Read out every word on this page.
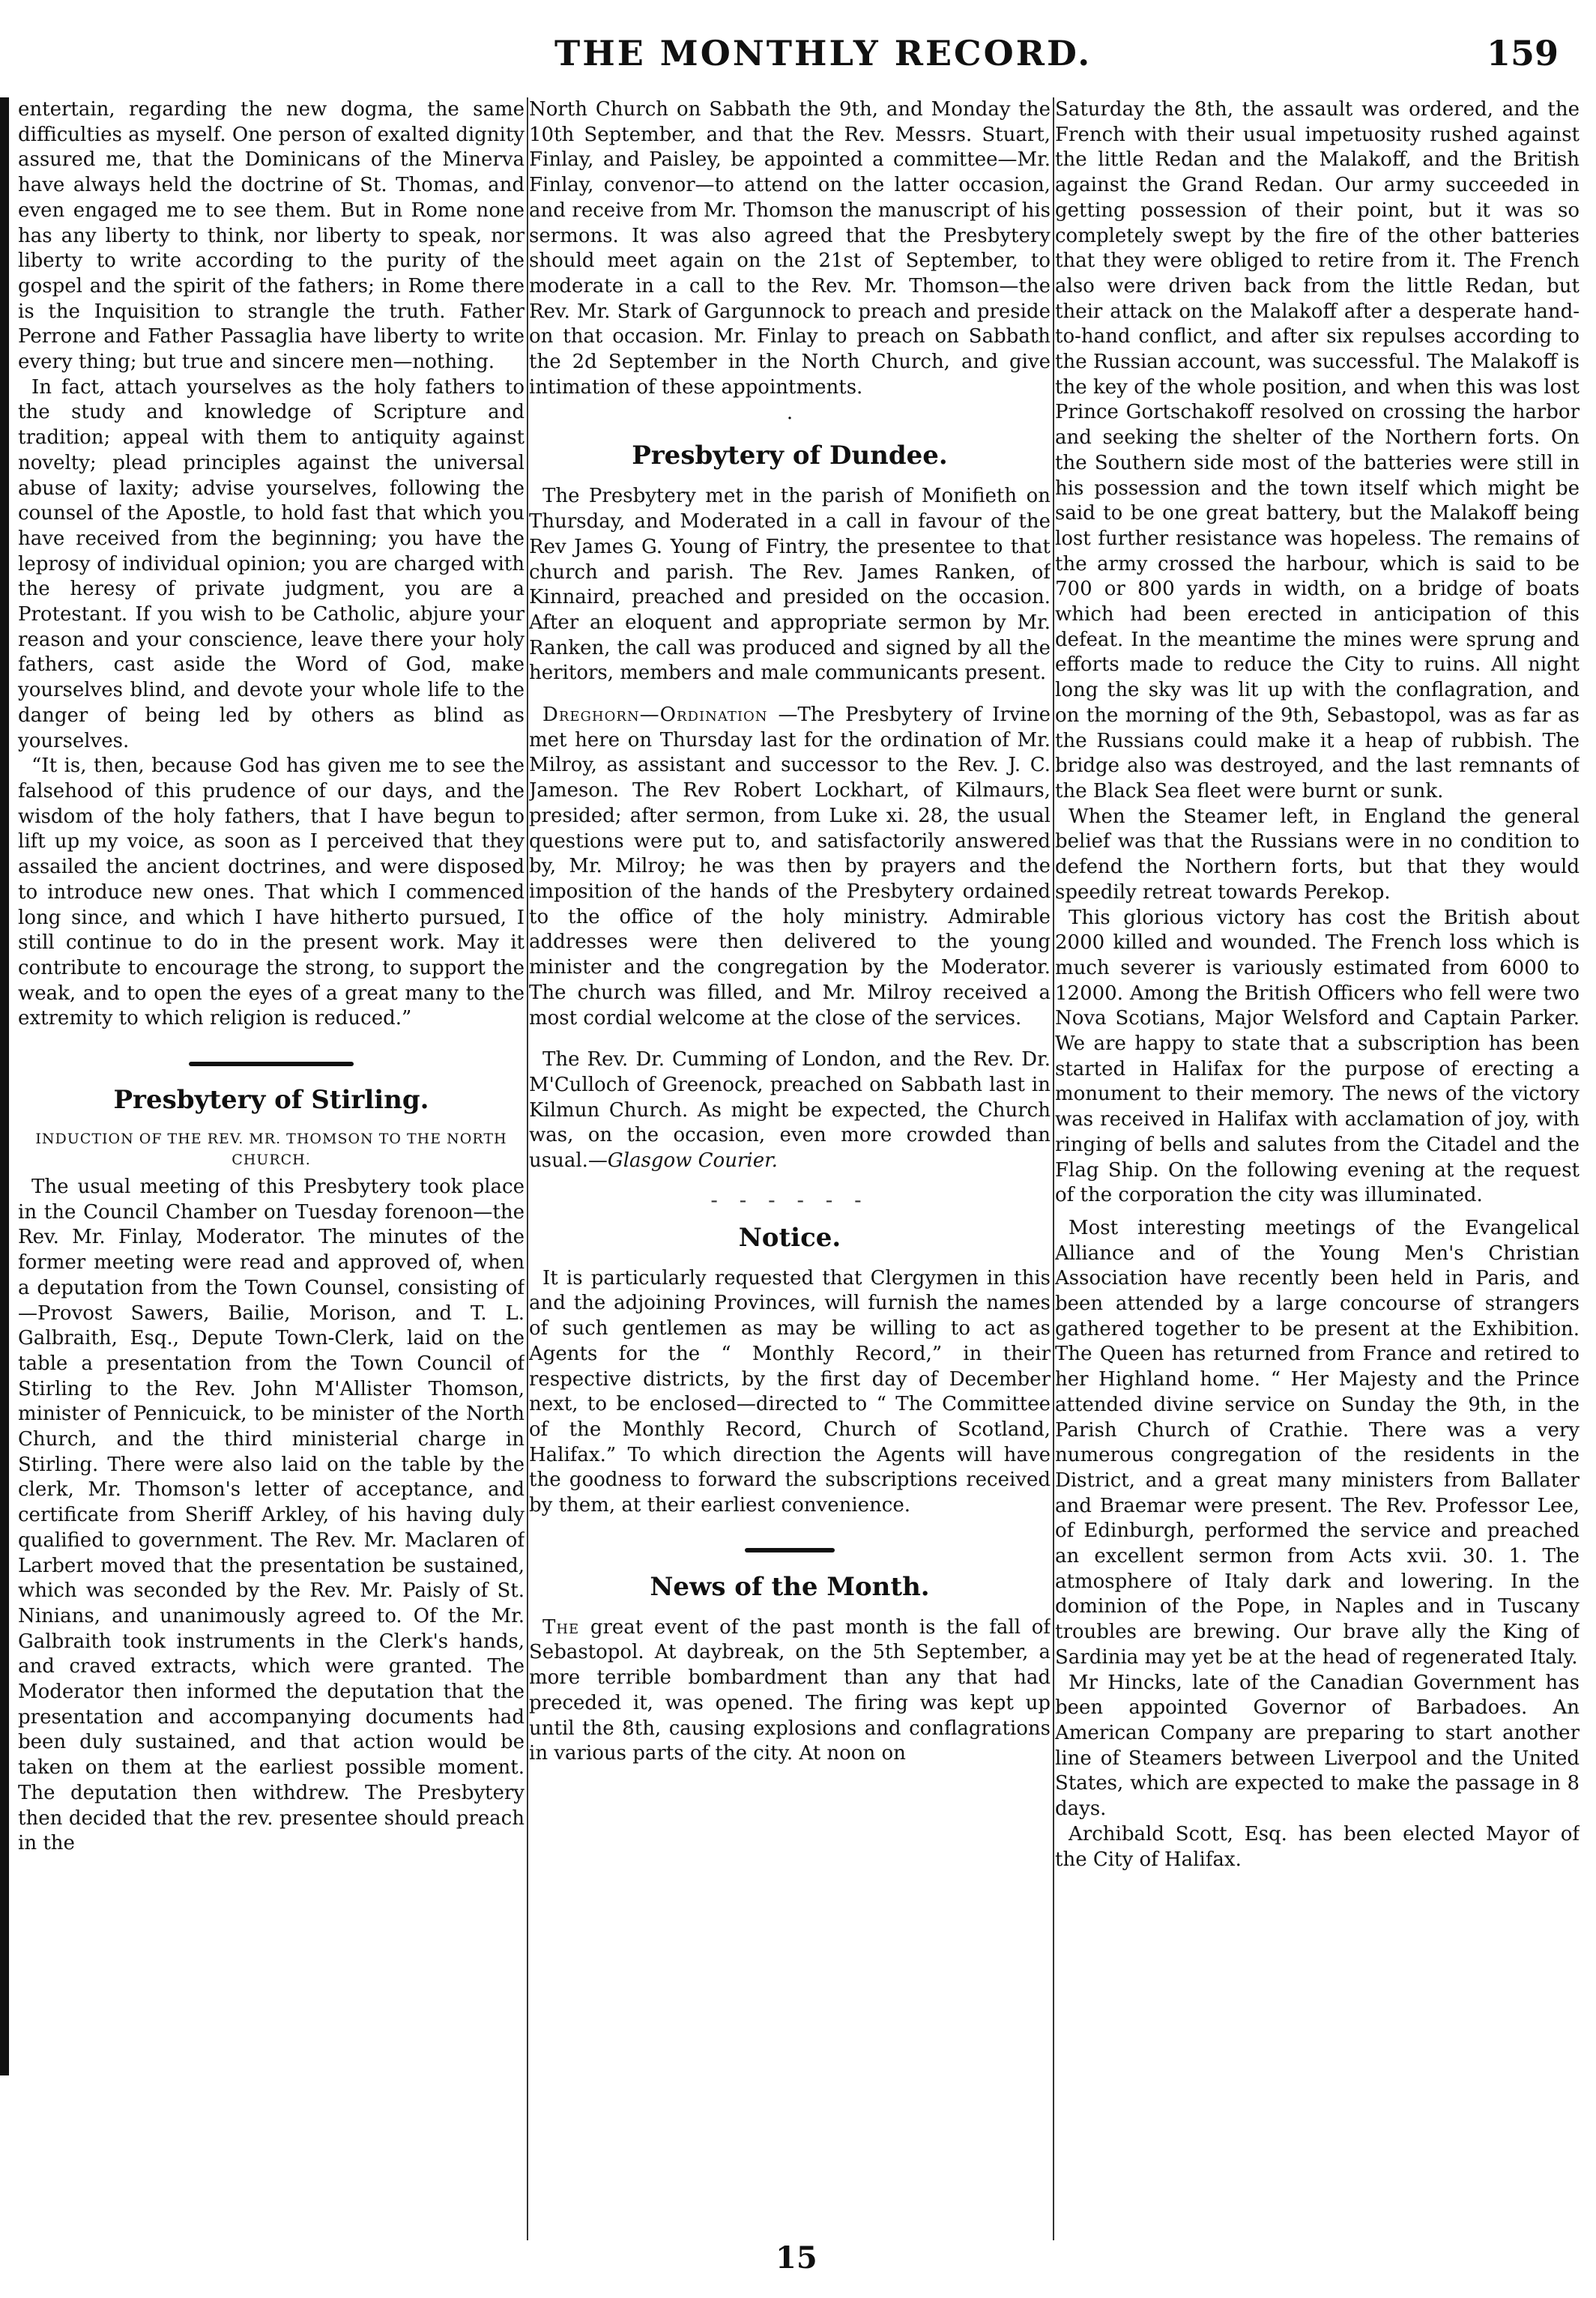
THE MONTHLY RECORD.	159

entertain, regarding the new dogma, the same difficulties as myself. One person of exalted dignity assured me, that the Dominicans of the Minerva have always held the doctrine of St. Thomas, and even engaged me to see them. But in Rome none has any liberty to think, nor liberty to speak, nor liberty to write according to the purity of the gospel and the spirit of the fathers; in Rome there is the Inquisition to strangle the truth. Father Perrone and Father Passaglia have liberty to write every thing; but true and sincere men—nothing.

In fact, attach yourselves as the holy fathers to the study and knowledge of Scripture and tradition; appeal with them to antiquity against novelty; plead principles against the universal abuse of laxity; advise yourselves, following the counsel of the Apostle, to hold fast that which you have received from the beginning; you have the leprosy of individual opinion; you are charged with the heresy of private judgment, you are a Protestant. If you wish to be Catholic, abjure your reason and your conscience, leave there your holy fathers, cast aside the Word of God, make yourselves blind, and devote your whole life to the danger of being led by others as blind as yourselves.

“It is, then, because God has given me to see the falsehood of this prudence of our days, and the wisdom of the holy fathers, that I have begun to lift up my voice, as soon as I perceived that they assailed the ancient doctrines, and were disposed to introduce new ones. That which I commenced long since, and which I have hitherto pursued, I still continue to do in the present work. May it contribute to encourage the strong, to support the weak, and to open the eyes of a great many to the extremity to which religion is reduced.”

Presbytery of Stirling.
INDUCTION OF THE REV. MR. THOMSON TO THE NORTH CHURCH.

The usual meeting of this Presbytery took place in the Council Chamber on Tuesday forenoon—the Rev. Mr. Finlay, Moderator. The minutes of the former meeting were read and approved of, when a deputation from the Town Counsel, consisting of—Provost Sawers, Bailie, Morison, and T. L. Galbraith, Esq., Depute Town-Clerk, laid on the table a presentation from the Town Council of Stirling to the Rev. John M'Allister Thomson, minister of Pennicuick, to be minister of the North Church, and the third ministerial charge in Stirling. There were also laid on the table by the clerk, Mr. Thomson's letter of acceptance, and certificate from Sheriff Arkley, of his having duly qualified to government. The Rev. Mr. Maclaren of Larbert moved that the presentation be sustained, which was seconded by the Rev. Mr. Paisly of St. Ninians, and unanimously agreed to. Of the Mr. Galbraith took instruments in the Clerk's hands, and craved extracts, which were granted. The Moderator then informed the deputation that the presentation and accompanying documents had been duly sustained, and that action would be taken on them at the earliest possible moment. The deputation then withdrew. The Presbytery then decided that the rev. presentee should preach in the

North Church on Sabbath the 9th, and Monday the 10th September, and that the Rev. Messrs. Stuart, Finlay, and Paisley, be appointed a committee—Mr. Finlay, convenor—to attend on the latter occasion, and receive from Mr. Thomson the manuscript of his sermons. It was also agreed that the Presbytery should meet again on the 21st of September, to moderate in a call to the Rev. Mr. Thomson—the Rev. Mr. Stark of Gargunnock to preach and preside on that occasion. Mr. Finlay to preach on Sabbath the 2d September in the North Church, and give intimation of these appointments.

·
Presbytery of Dundee.

The Presbytery met in the parish of Monifieth on Thursday, and Moderated in a call in favour of the Rev James G. Young of Fintry, the presentee to that church and parish. The Rev. James Ranken, of Kinnaird, preached and presided on the occasion. After an eloquent and appropriate sermon by Mr. Ranken, the call was produced and signed by all the heritors, members and male communicants present.

Dreghorn—Ordination —The Presbytery of Irvine met here on Thursday last for the ordination of Mr. Milroy, as assistant and successor to the Rev. J. C. Jameson. The Rev Robert Lockhart, of Kilmaurs, presided; after sermon, from Luke xi. 28, the usual questions were put to, and satisfactorily answered by, Mr. Milroy; he was then by prayers and the imposition of the hands of the Presbytery ordained to the office of the holy ministry. Admirable addresses were then delivered to the young minister and the congregation by the Moderator. The church was filled, and Mr. Milroy received a most cordial welcome at the close of the services.

The Rev. Dr. Cumming of London, and the Rev. Dr. M'Culloch of Greenock, preached on Sabbath last in Kilmun Church. As might be expected, the Church was, on the occasion, even more crowded than usual.—Glasgow Courier.

- - - - - -
Notice.

It is particularly requested that Clergymen in this and the adjoining Provinces, will furnish the names of such gentlemen as may be willing to act as Agents for the “ Monthly Record,” in their respective districts, by the first day of December next, to be enclosed—directed to “ The Committee of the Monthly Record, Church of Scotland, Halifax.” To which direction the Agents will have the goodness to forward the subscriptions received by them, at their earliest convenience.

News of the Month.

The great event of the past month is the fall of Sebastopol. At daybreak, on the 5th September, a more terrible bombardment than any that had preceded it, was opened. The firing was kept up until the 8th, causing explosions and conflagrations in various parts of the city. At noon on

Saturday the 8th, the assault was ordered, and the French with their usual impetuosity rushed against the little Redan and the Malakoff, and the British against the Grand Redan. Our army succeeded in getting possession of their point, but it was so completely swept by the fire of the other batteries that they were obliged to retire from it. The French also were driven back from the little Redan, but their attack on the Malakoff after a desperate hand-to-hand conflict, and after six repulses according to the Russian account, was successful. The Malakoff is the key of the whole position, and when this was lost Prince Gortschakoff resolved on crossing the harbor and seeking the shelter of the Northern forts. On the Southern side most of the batteries were still in his possession and the town itself which might be said to be one great battery, but the Malakoff being lost further resistance was hopeless. The remains of the army crossed the harbour, which is said to be 700 or 800 yards in width, on a bridge of boats which had been erected in anticipation of this defeat. In the meantime the mines were sprung and efforts made to reduce the City to ruins. All night long the sky was lit up with the conflagration, and on the morning of the 9th, Sebastopol, was as far as the Russians could make it a heap of rubbish. The bridge also was destroyed, and the last remnants of the Black Sea fleet were burnt or sunk.

When the Steamer left, in England the general belief was that the Russians were in no condition to defend the Northern forts, but that they would speedily retreat towards Perekop.

This glorious victory has cost the British about 2000 killed and wounded. The French loss which is much severer is variously estimated from 6000 to 12000. Among the British Officers who fell were two Nova Scotians, Major Welsford and Captain Parker. We are happy to state that a subscription has been started in Halifax for the purpose of erecting a monument to their memory. The news of the victory was received in Halifax with acclamation of joy, with ringing of bells and salutes from the Citadel and the Flag Ship. On the following evening at the request of the corporation the city was illuminated.

Most interesting meetings of the Evangelical Alliance and of the Young Men's Christian Association have recently been held in Paris, and been attended by a large concourse of strangers gathered together to be present at the Exhibition. The Queen has returned from France and retired to her Highland home. “ Her Majesty and the Prince attended divine service on Sunday the 9th, in the Parish Church of Crathie. There was a very numerous congregation of the residents in the District, and a great many ministers from Ballater and Braemar were present. The Rev. Professor Lee, of Edinburgh, performed the service and preached an excellent sermon from Acts xvii. 30. 1. The atmosphere of Italy dark and lowering. In the dominion of the Pope, in Naples and in Tuscany troubles are brewing. Our brave ally the King of Sardinia may yet be at the head of regenerated Italy.

Mr Hincks, late of the Canadian Government has been appointed Governor of Barbadoes. An American Company are preparing to start another line of Steamers between Liverpool and the United States, which are expected to make the passage in 8 days.

Archibald Scott, Esq. has been elected Mayor of the City of Halifax.

15
